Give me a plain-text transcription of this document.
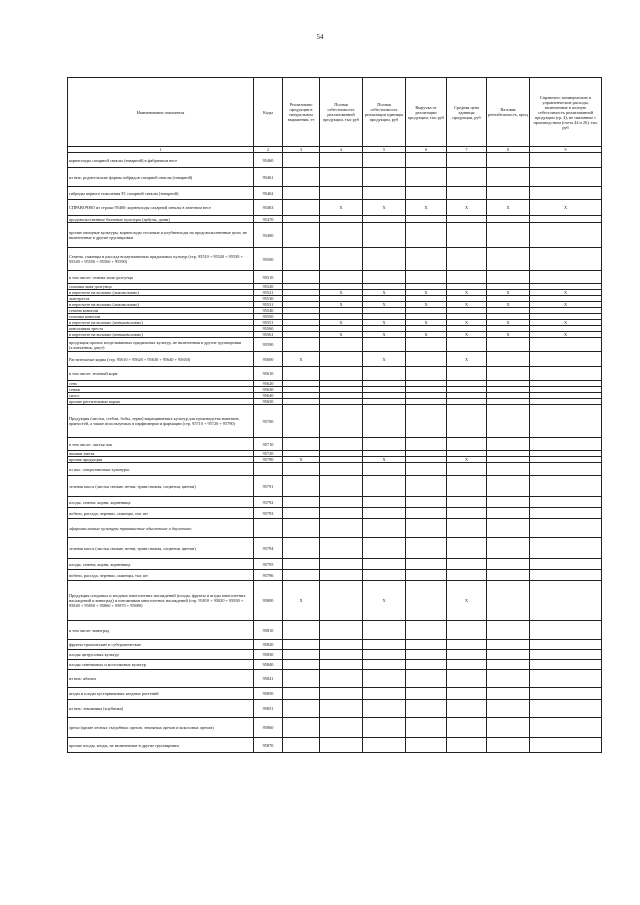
54
Наименование показателя	Коды	Реализовано продукции в натуральном выражении, тт	Полная себестоимость реализованной продукции, тыс руб	Полная себестоимость реализации единицы продукции, руб	Выручка от реализации продукции, тыс руб	Средняя цена единицы продукции, руб	Валовая рентабельность, проц	Справочно: коммерческие и управленческие расходы, включенные в полную себестоимость реализованной продукции (гр. 4), не связанные с производством (счета 44 и 26), тыс руб	
1	2	3	4	5	6	7	8	9	
корнеплоды сахарной свеклы (товарной) в фабричном весе	95460								
из них: родительские формы гибридов сахарной свеклы (товарной)	95461								
гибриды первого поколения F1 сахарной свеклы (товарной)	95462								
СПРАВОЧНО из строки 95460: корнеплоды сахарной свеклы в зачетном весе	95463		X	X	X	X	X	X	
продовольственные бахчевые культуры (арбузы, дыни)	95470								
прочие овощные культуры, корнеплоды столовые и клубнеплоды на продовольственные цели, не включенные в другие группировки	95490								
Семена, саженцы и рассада возделываемых прядильных культур (стр. 95510 + 95520 + 95530 + 95540 + 95550 + 95560 + 95590)	95500								
в том числе: семена льна-долгунца	95510								
соломка льна-долгунца	95520								
в пересчете на волокно (льноволокно)	95521		X	X	X	X	X	X	
льнотреста	95530								
в пересчете на волокно (льноволокно)	95531		X	X	X	X	X	X	
семена конопли	95540								
соломка конопли	95550								
в пересчете на волокно (пеньковолокно)	95551		X	X	X	X	X	X	
конопляная треста	95560								
в пересчете на волокно (пеньковолокно)	95561		X	X	X	X	X	X	
продукция прочих возделываемых прядильных культур, не включенная в другие группировки (хлопчатник, джут)	95590								
Растительные корма (стр. 95610 + 95620 + 95630 + 95640 + 95650)	95600	X		X		X			
в том числе: зеленый корм	95610								
сено	95620								
сенаж	95630								
силос	95640								
прочие растительные корма	95650								
Продукция (листья, стебли, бобы, зерна) выращиваемых культур для производства напитков, пряностей, а также используемых в парфюмерии и фармации (стр. 95710 + 95720 + 95790)	95700								
в том числе: листья чая	95710								
шишки хмеля	95720								
прочая продукция	95790	X		X		X			
из них: лекарственные культуры:									
зеленая масса (листья свежие, ветки, трава свежая, соцветия, цветки)	95791								
плоды, семена, корни, корневища	95792								
побеги, рассада, черенки, саженцы, тыс шт	95793								
эфиромасличные культуры травянистые однолетние и двулетние:									
зеленая масса (листья свежие, ветки, трава свежая, соцветия, цветки)	95794								
плоды, семена, корни, корневища	95795								
побеги, рассада, черенки, саженцы, тыс шт	95796								
Продукция плодовых и ягодных многолетних насаждений (плоды, фрукты и ягоды многолетних насаждений и виноград) и питомников многолетних насаждений (стр. 95810 + 95820 + 95830 + 95840 + 95850 + 95860 + 95870 + 95880)	95800	X		X		X			
в том числе: виноград	95810								
фрукты тропические и субтропические	95820								
плоды цитрусовых культур	95830								
плоды семечковых и косточковых культур	95840								
из них: яблоки	95841								
ягоды и плоды кустарниковых ягодных растений	95850								
из них: земляника (клубника)	95851								
орехи (кроме лесных съедобных орехов, земляных орехов и кокосовых орехов)	95860								
прочие плоды, ягоды, не включенные в другие группировки	95870								
